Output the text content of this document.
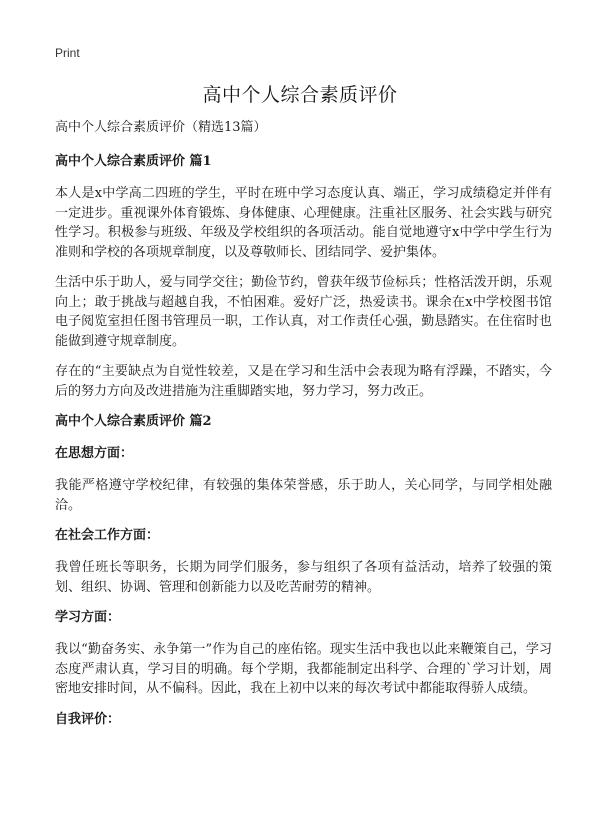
Print
高中个人综合素质评价
高中个人综合素质评价（精选13篇）
高中个人综合素质评价 篇1

本人是x中学高二四班的学生，平时在班中学习态度认真、端正，学习成绩稳定并伴有一定进步。重视课外体育锻炼、身体健康、心理健康。注重社区服务、社会实践与研究性学习。积极参与班级、年级及学校组织的各项活动。能自觉地遵守x中学中学生行为准则和学校的各项规章制度，以及尊敬师长、团结同学、爱护集体。

生活中乐于助人，爱与同学交往；勤俭节约，曾获年级节俭标兵；性格活泼开朗，乐观向上；敢于挑战与超越自我，不怕困难。爱好广泛，热爱读书。课余在x中学校图书馆电子阅览室担任图书管理员一职，工作认真，对工作责任心强，勤恳踏实。在住宿时也能做到遵守规章制度。

存在的“主要缺点为自觉性较差，又是在学习和生活中会表现为略有浮躁，不踏实，今后的努力方向及改进措施为注重脚踏实地，努力学习，努力改正。

高中个人综合素质评价 篇2
在思想方面：

我能严格遵守学校纪律，有较强的集体荣誉感，乐于助人，关心同学，与同学相处融洽。

在社会工作方面：

我曾任班长等职务，长期为同学们服务，参与组织了各项有益活动，培养了较强的策划、组织、协调、管理和创新能力以及吃苦耐劳的精神。

学习方面：

我以“勤奋务实、永争第一”作为自己的座佑铭。现实生活中我也以此来鞭策自己，学习态度严肃认真，学习目的明确。每个学期，我都能制定出科学、合理的`学习计划，周密地安排时间，从不偏科。因此，我在上初中以来的每次考试中都能取得骄人成绩。

自我评价：
